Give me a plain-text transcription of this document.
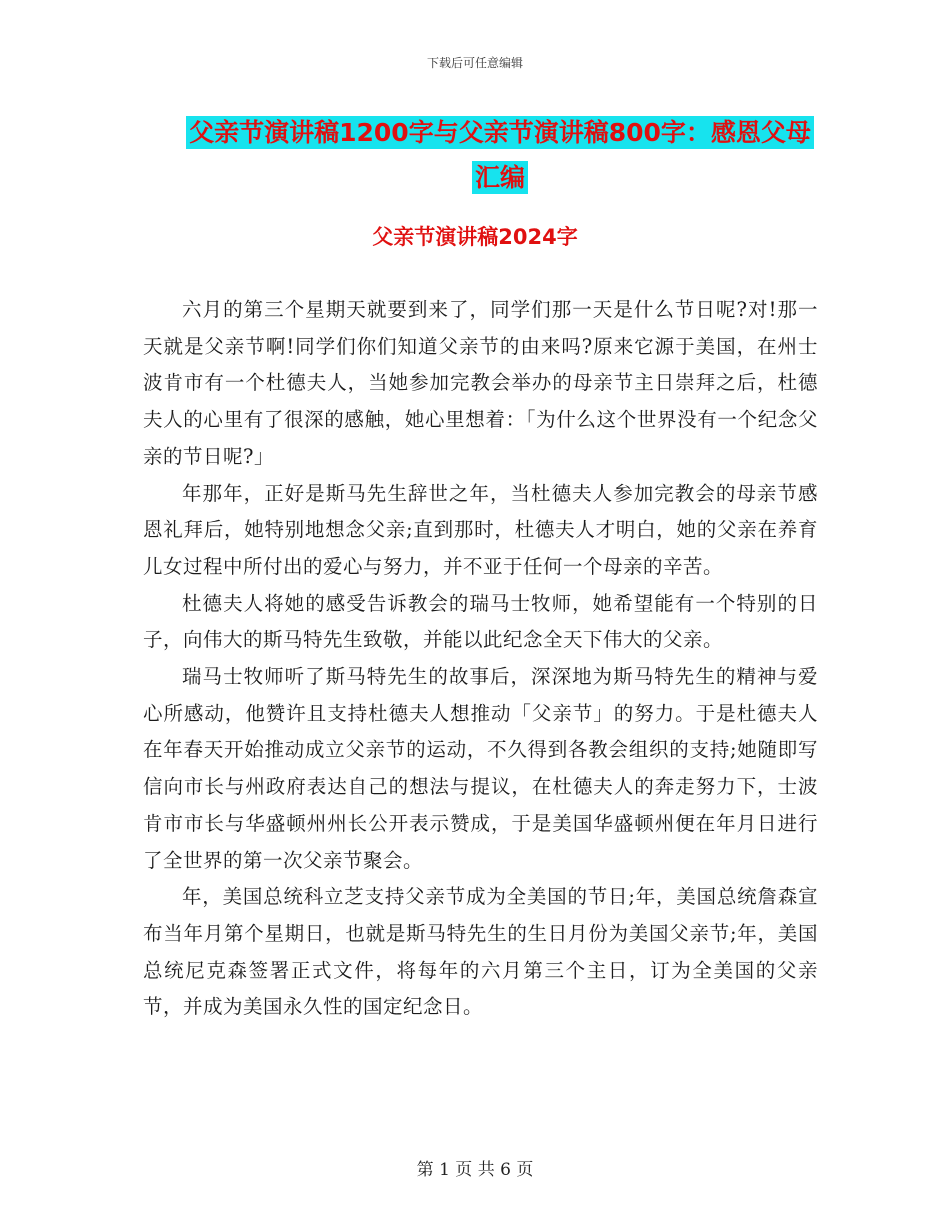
下载后可任意编辑
父亲节演讲稿1200字与父亲节演讲稿800字：感恩父母汇编
父亲节演讲稿2024字

六月的第三个星期天就要到来了，同学们那一天是什么节日呢?对!那一天就是父亲节啊!同学们你们知道父亲节的由来吗?原来它源于美国，在州士波肯市有一个杜德夫人，当她参加完教会举办的母亲节主日崇拜之后，杜德夫人的心里有了很深的感触，她心里想着：「为什么这个世界没有一个纪念父亲的节日呢?」

年那年，正好是斯马先生辞世之年，当杜德夫人参加完教会的母亲节感恩礼拜后，她特别地想念父亲;直到那时，杜德夫人才明白，她的父亲在养育儿女过程中所付出的爱心与努力，并不亚于任何一个母亲的辛苦。

杜德夫人将她的感受告诉教会的瑞马士牧师，她希望能有一个特别的日子，向伟大的斯马特先生致敬，并能以此纪念全天下伟大的父亲。

瑞马士牧师听了斯马特先生的故事后，深深地为斯马特先生的精神与爱心所感动，他赞许且支持杜德夫人想推动「父亲节」的努力。于是杜德夫人在年春天开始推动成立父亲节的运动，不久得到各教会组织的支持;她随即写信向市长与州政府表达自己的想法与提议，在杜德夫人的奔走努力下，士波肯市市长与华盛顿州州长公开表示赞成，于是美国华盛顿州便在年月日进行了全世界的第一次父亲节聚会。

年，美国总统科立芝支持父亲节成为全美国的节日;年，美国总统詹森宣布当年月第个星期日，也就是斯马特先生的生日月份为美国父亲节;年，美国总统尼克森签署正式文件，将每年的六月第三个主日，订为全美国的父亲节，并成为美国永久性的国定纪念日。

第 1 页 共 6 页
